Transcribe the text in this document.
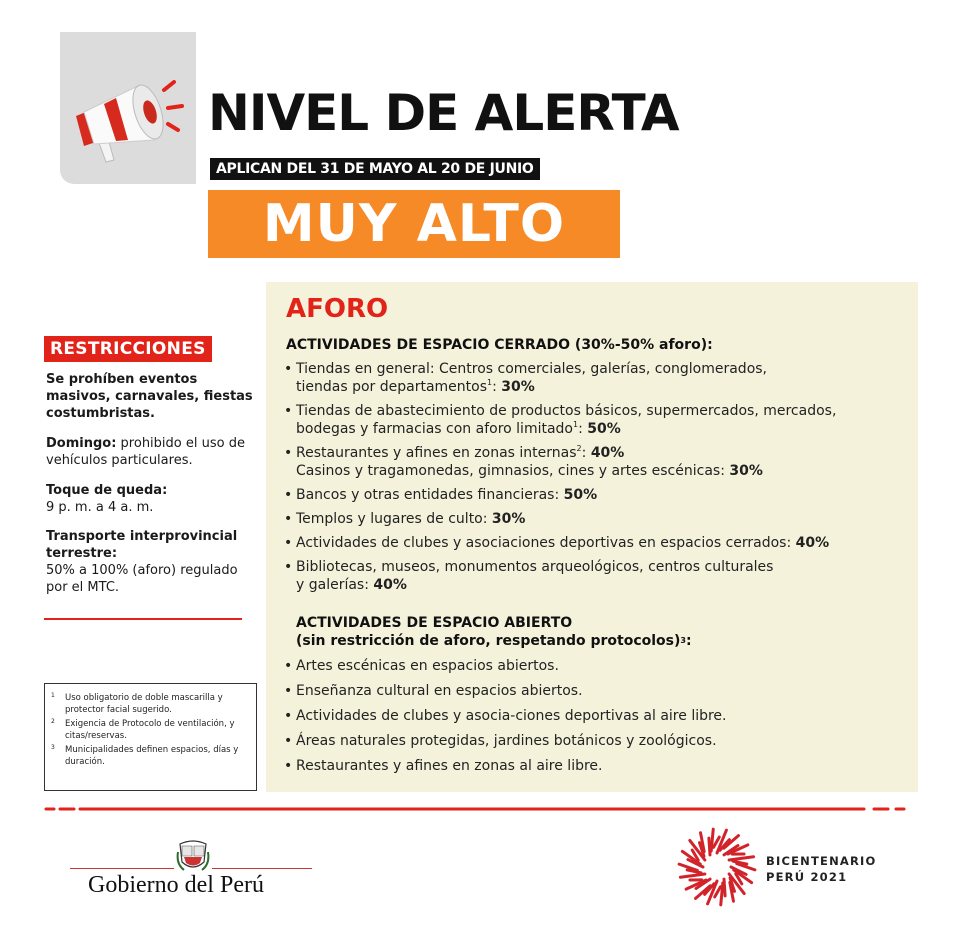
NIVEL DE ALERTA
APLICAN DEL 31 DE MAYO AL 20 DE JUNIO
MUY ALTO
RESTRICCIONES

Se prohíben eventos masivos, carnavales, fiestas costumbristas.

Domingo: prohibido el uso de vehículos particulares.

Toque de queda:
9 p. m. a 4 a. m.

Transporte interprovincial terrestre:
50% a 100% (aforo) regulado por el MTC.

1 Uso obligatorio de doble mascarilla y protector facial sugerido.
2 Exigencia de Protocolo de ventilación, y citas/reservas.
3 Municipalidades definen espacios, días y duración.
AFORO
ACTIVIDADES DE ESPACIO CERRADO (30%-50% aforo):
• Tiendas en general: Centros comerciales, galerías, conglomerados,
tiendas por departamentos$^1$: 30%
• Tiendas de abastecimiento de productos básicos, supermercados, mercados,
bodegas y farmacias con aforo limitado$^1$: 50%
• Restaurantes y afines en zonas internas$^2$: 40%
Casinos y tragamonedas, gimnasios, cines y artes escénicas: 30%
• Bancos y otras entidades financieras: 50%
• Templos y lugares de culto: 30%
• Actividades de clubes y asociaciones deportivas en espacios cerrados: 40%
• Bibliotecas, museos, monumentos arqueológicos, centros culturales
y galerías: 40%
ACTIVIDADES DE ESPACIO ABIERTO
(sin restricción de aforo, respetando protocolos)$^3$:
• Artes escénicas en espacios abiertos.
• Enseñanza cultural en espacios abiertos.
• Actividades de clubes y asocia-ciones deportivas al aire libre.
• Áreas naturales protegidas, jardines botánicos y zoológicos.
• Restaurantes y afines en zonas al aire libre.
Gobierno del Perú
BICENTENARIO
PERÚ 2021
